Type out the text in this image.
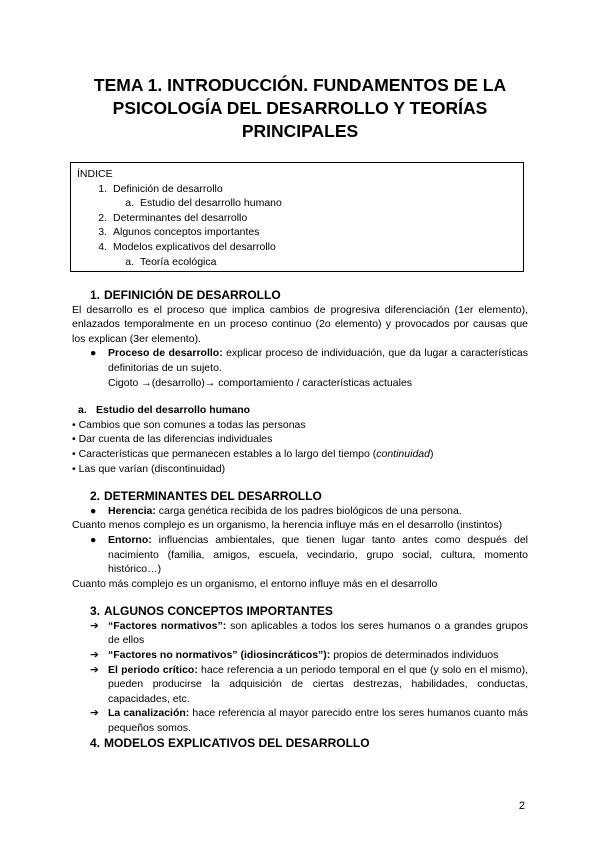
TEMA 1. INTRODUCCIÓN. FUNDAMENTOS DE LA
PSICOLOGÍA DEL DESARROLLO Y TEORÍAS
PRINCIPALES
ÍNDICE
1. Definición de desarrollo
a. Estudio del desarrollo humano
2. Determinantes del desarrollo
3. Algunos conceptos importantes
4. Modelos explicativos del desarrollo
a. Teoría ecológica
1. DEFINICIÓN DE DESARROLLO
El desarrollo es el proceso que implica cambios de progresiva diferenciación (1er elemento), enlazados temporalmente en un proceso continuo (2o elemento) y provocados por causas que los explican (3er elemento).
● Proceso de desarrollo: explicar proceso de individuación, que da lugar a características definitorias de un sujeto.
Cigoto →(desarrollo)→ comportamiento / características actuales
a. Estudio del desarrollo humano
• Cambios que son comunes a todas las personas
• Dar cuenta de las diferencias individuales
• Características que permanecen estables a lo largo del tiempo (continuidad)
• Las que varían (discontinuidad)
2. DETERMINANTES DEL DESARROLLO
● Herencia: carga genética recibida de los padres biológicos de una persona.
Cuanto menos complejo es un organismo, la herencia influye más en el desarrollo (instintos)
● Entorno: influencias ambientales, que tienen lugar tanto antes como después del nacimiento (familia, amigos, escuela, vecindario, grupo social, cultura, momento histórico…)
Cuanto más complejo es un organismo, el entorno influye más en el desarrollo
3. ALGUNOS CONCEPTOS IMPORTANTES
➔ “Factores normativos”: son aplicables a todos los seres humanos o a grandes grupos de ellos
➔ “Factores no normativos” (idiosincráticos”): propios de determinados individuos
➔ El periodo crítico: hace referencia a un periodo temporal en el que (y solo en el mismo), pueden producirse la adquisición de ciertas destrezas, habilidades, conductas, capacidades, etc.
➔ La canalización: hace referencia al mayor parecido entre los seres humanos cuanto más pequeños somos.
4. MODELOS EXPLICATIVOS DEL DESARROLLO
2
